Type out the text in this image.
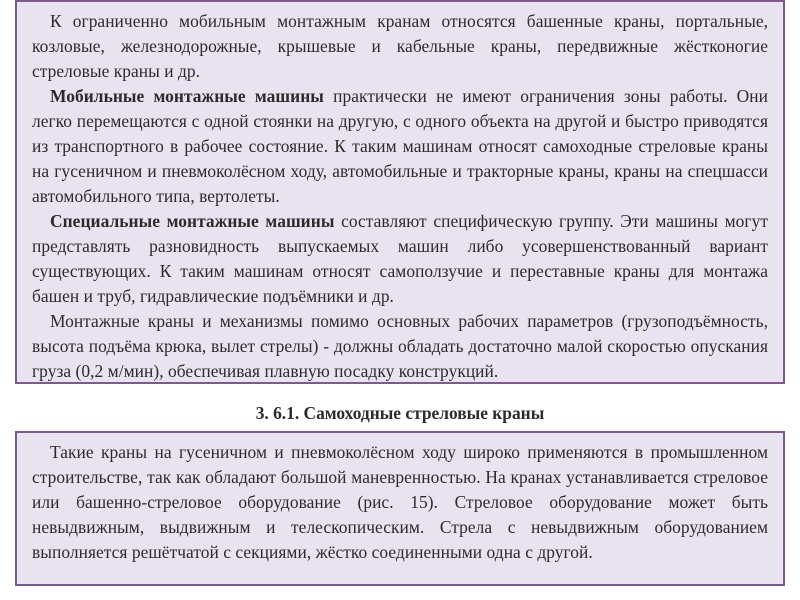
К ограниченно мобильным монтажным кранам относятся башенные краны, портальные, козловые, железнодорожные, крышевые и кабельные краны, передвижные жёстконогие стреловые краны и др.

Мобильные монтажные машины практически не имеют ограничения зоны работы. Они легко перемещаются с одной стоянки на другую, с одного объекта на другой и быстро приводятся из транспортного в рабочее состояние. К таким машинам относят самоходные стреловые краны на гусеничном и пневмоколёсном ходу, автомобильные и тракторные краны, краны на спецшасси автомобильного типа, вертолеты.

Специальные монтажные машины составляют специфическую группу. Эти машины могут представлять разновидность выпускаемых машин либо усовершенствованный вариант существующих. К таким машинам относят самоползучие и переставные краны для монтажа башен и труб, гидравлические подъёмники и др.

Монтажные краны и механизмы помимо основных рабочих параметров (грузоподъёмность, высота подъёма крюка, вылет стрелы) - должны обладать достаточно малой скоростью опускания груза (0,2 м/мин), обеспечивая плавную посадку конструкций.

3. 6.1. Самоходные стреловые краны

Такие краны на гусеничном и пневмоколёсном ходу широко применяются в промышленном строительстве, так как обладают большой маневренностью. На кранах устанавливается стреловое или башенно-стреловое оборудование (рис. 15). Стреловое оборудование может быть невыдвижным, выдвижным и телескопическим. Стрела с невыдвижным оборудованием выполняется решётчатой с секциями, жёстко соединенными одна с другой.
